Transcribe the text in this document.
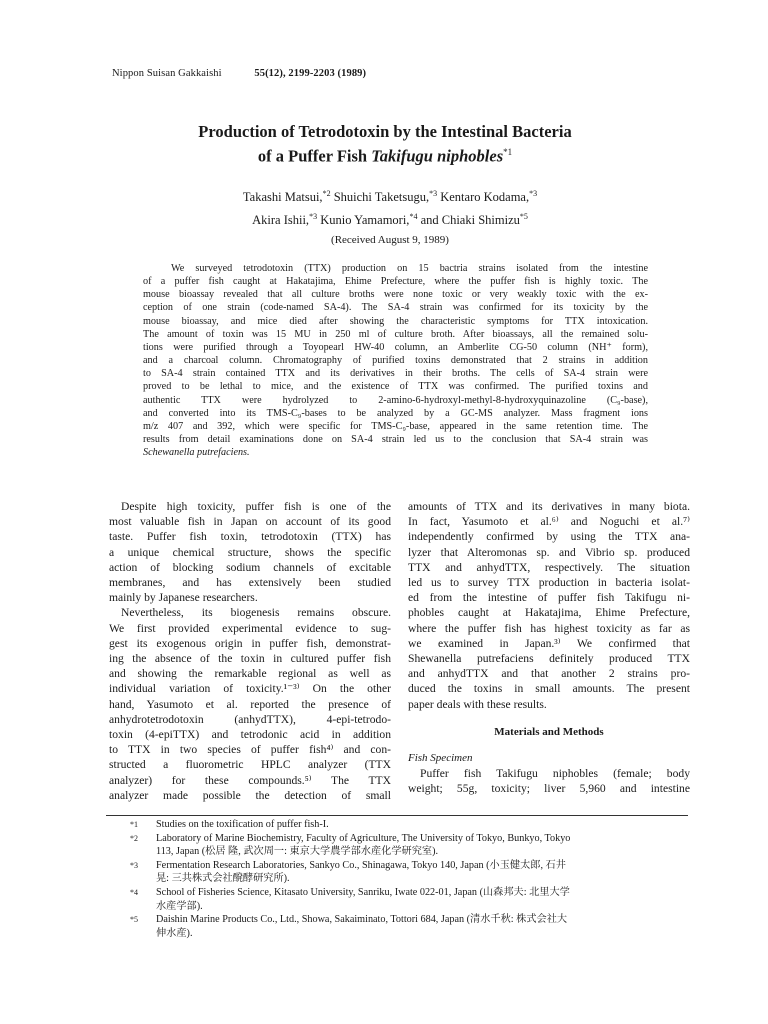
Nippon Suisan Gakkaishi	55(12), 2199-2203 (1989)

Production of Tetrodotoxin by the Intestinal Bacteria
of a Puffer Fish Takifugu niphobles$^{*1}$

Takashi Matsui,$^{*2}$ Shuichi Taketsugu,$^{*3}$ Kentaro Kodama,$^{*3}$
Akira Ishii,$^{*3}$ Kunio Yamamori,$^{*4}$ and Chiaki Shimizu$^{*5}$
(Received August 9, 1989)
We surveyed tetrodotoxin (TTX) production on 15 bactria strains isolated from the intestine
of a puffer fish caught at Hakatajima, Ehime Prefecture, where the puffer fish is highly toxic. The
mouse bioassay revealed that all culture broths were none toxic or very weakly toxic with the ex-
ception of one strain (code-named SA-4). The SA-4 strain was confirmed for its toxicity by the
mouse bioassay, and mice died after showing the characteristic symptoms for TTX intoxication.
The amount of toxin was 15 MU in 250 ml of culture broth. After bioassays, all the remained solu-
tions were purified through a Toyopearl HW-40 column, an Amberlite CG-50 column (NH⁺ form),
and a charcoal column. Chromatography of purified toxins demonstrated that 2 strains in addition
to SA-4 strain contained TTX and its derivatives in their broths. The cells of SA-4 strain were
proved to be lethal to mice, and the existence of TTX was confirmed. The purified toxins and
authentic TTX were hydrolyzed to 2-amino-6-hydroxyl-methyl-8-hydroxyquinazoline (C₉-base),
and converted into its TMS-C₉-bases to be analyzed by a GC-MS analyzer. Mass fragment ions
m/z 407 and 392, which were specific for TMS-C₉-base, appeared in the same retention time. The
results from detail examinations done on SA-4 strain led us to the conclusion that SA-4 strain was
Schewanella putrefaciens.
Despite high toxicity, puffer fish is one of the
most valuable fish in Japan on account of its good
taste. Puffer fish toxin, tetrodotoxin (TTX) has
a unique chemical structure, shows the specific
action of blocking sodium channels of excitable
membranes, and has extensively been studied
mainly by Japanese researchers.
Nevertheless, its biogenesis remains obscure.
We first provided experimental evidence to sug-
gest its exogenous origin in puffer fish, demonstrat-
ing the absence of the toxin in cultured puffer fish
and showing the remarkable regional as well as
individual variation of toxicity.¹⁻³⁾ On the other
hand, Yasumoto et al. reported the presence of
anhydrotetrodotoxin (anhydTTX), 4-epi-tetrodo-
toxin (4-epiTTX) and tetrodonic acid in addition
to TTX in two species of puffer fish⁴⁾ and con-
structed a fluorometric HPLC analyzer (TTX
analyzer) for these compounds.⁵⁾ The TTX
analyzer made possible the detection of small
amounts of TTX and its derivatives in many biota.
In fact, Yasumoto et al.⁶⁾ and Noguchi et al.⁷⁾
independently confirmed by using the TTX ana-
lyzer that Alteromonas sp. and Vibrio sp. produced
TTX and anhydTTX, respectively. The situation
led us to survey TTX production in bacteria isolat-
ed from the intestine of puffer fish Takifugu ni-
phobles caught at Hakatajima, Ehime Prefecture,
where the puffer fish has highest toxicity as far as
we examined in Japan.³⁾ We confirmed that
Shewanella putrefaciens definitely produced TTX
and anhydTTX and that another 2 strains pro-
duced the toxins in small amounts. The present
paper deals with these results.
Materials and Methods
Fish Specimen
Puffer fish Takifugu niphobles (female; body
weight; 55g, toxicity; liver 5,960 and intestine
*1 Studies on the toxification of puffer fish-I.
*2 Laboratory of Marine Biochemistry, Faculty of Agriculture, The University of Tokyo, Bunkyo, Tokyo
113, Japan (松居 隆, 武次周一: 東京大学農学部水産化学研究室).
*3 Fermentation Research Laboratories, Sankyo Co., Shinagawa, Tokyo 140, Japan (小玉健太郎, 石井
晃: 三共株式会社醗酵研究所).
*4 School of Fisheries Science, Kitasato University, Sanriku, Iwate 022-01, Japan (山森邦夫: 北里大学
水産学部).
*5 Daishin Marine Products Co., Ltd., Showa, Sakaiminato, Tottori 684, Japan (清水千秋: 株式会社大
伸水産).
